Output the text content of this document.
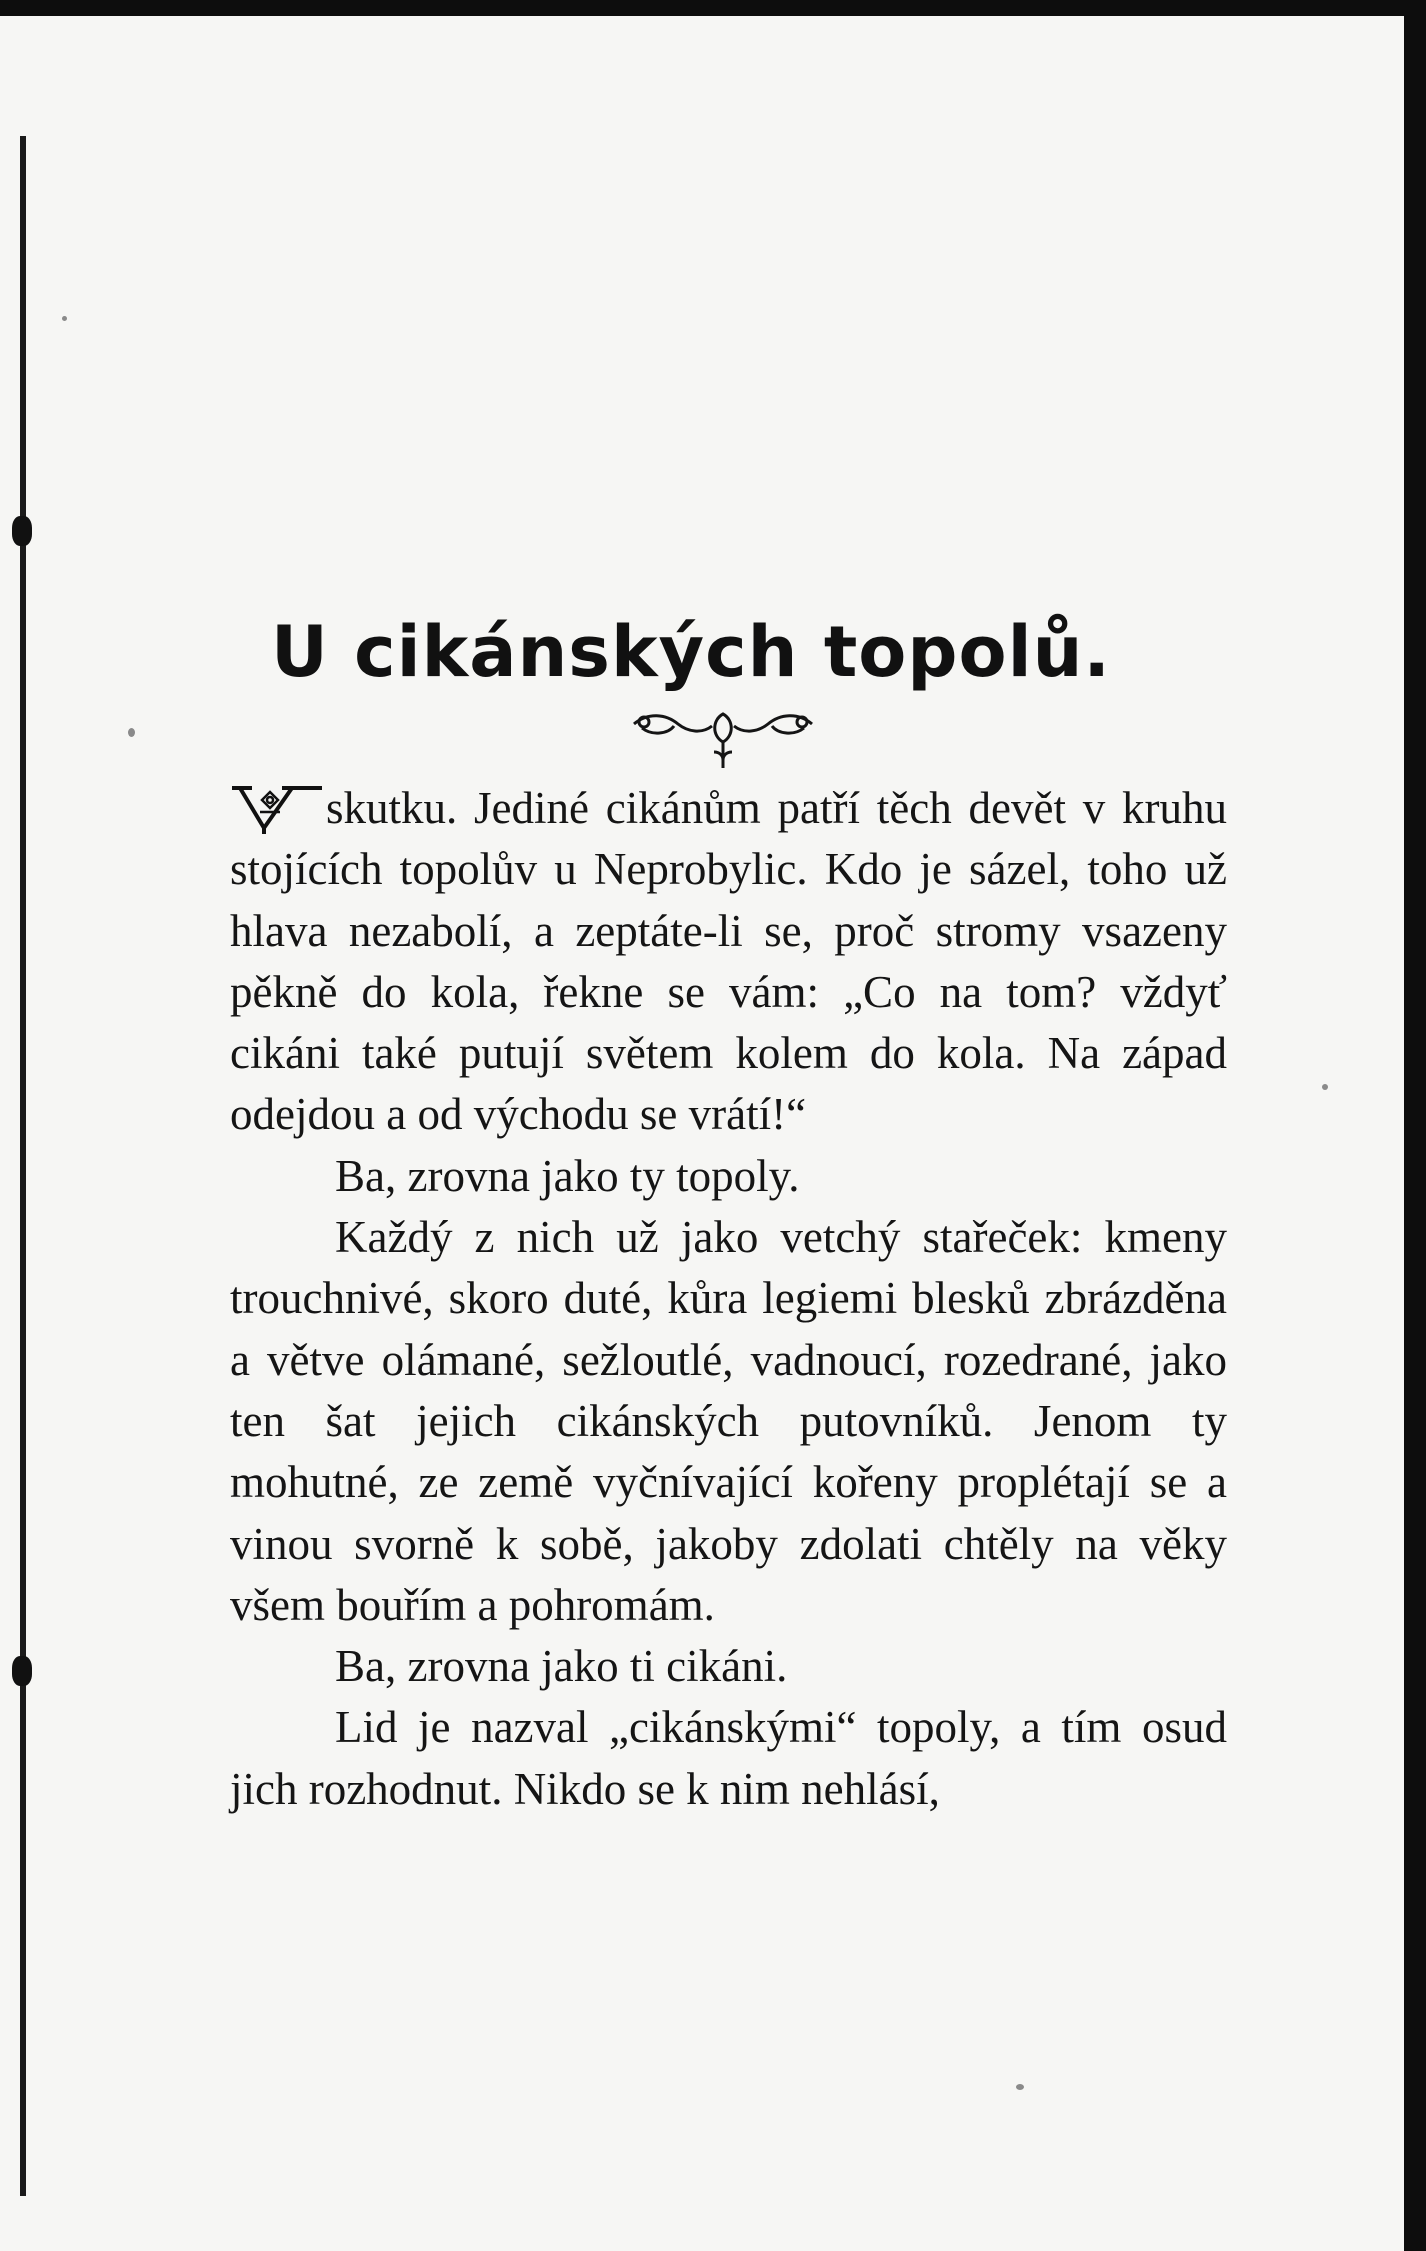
U cikánských topolů.

skutku. Jediné cikánům patří těch devět v kruhu stojících topolův u Neprobylic. Kdo je sázel, toho už hlava nezabolí, a zeptáte-li se, proč stromy vsazeny pěkně do kola, řekne se vám: „Co na tom? vždyť cikáni také putují světem kolem do kola. Na západ odejdou a od východu se vrátí!“

Ba, zrovna jako ty topoly.

Každý z nich už jako vetchý stařeček: kmeny trouchnivé, skoro duté, kůra legiemi blesků zbrázděna a větve olámané, sežloutlé, vadnoucí, rozedrané, jako ten šat jejich cikánských putovníků. Jenom ty mohutné, ze země vyčnívající kořeny proplétají se a vinou svorně k sobě, jakoby zdolati chtěly na věky všem bouřím a pohromám.

Ba, zrovna jako ti cikáni.

Lid je nazval „cikánskými“ topoly, a tím osud jich rozhodnut. Nikdo se k nim nehlásí,
